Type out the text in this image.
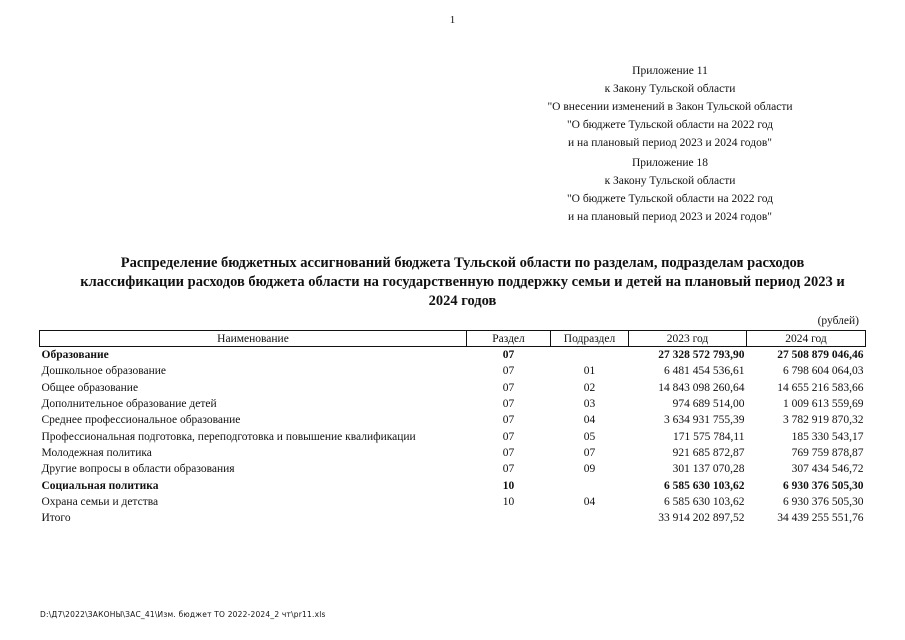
1
Приложение 11
к Закону Тульской области
"О внесении изменений в Закон Тульской области
"О бюджете Тульской области на 2022 год
и на плановый период 2023 и 2024 годов"
Приложение 18
к Закону Тульской области
"О бюджете Тульской области на 2022 год
и на плановый период 2023 и 2024 годов"
Распределение бюджетных ассигнований бюджета Тульской области по разделам, подразделам расходов
классификации расходов бюджета области на государственную поддержку семьи и детей на плановый период 2023 и
2024 годов
(рублей)
Наименование	Раздел	Подраздел	2023 год	2024 год
Образование	07		27 328 572 793,90	27 508 879 046,46
Дошкольное образование	07	01	6 481 454 536,61	6 798 604 064,03
Общее образование	07	02	14 843 098 260,64	14 655 216 583,66
Дополнительное образование детей	07	03	974 689 514,00	1 009 613 559,69
Среднее профессиональное образование	07	04	3 634 931 755,39	3 782 919 870,32
Профессиональная подготовка, переподготовка и повышение квалификации	07	05	171 575 784,11	185 330 543,17
Молодежная политика	07	07	921 685 872,87	769 759 878,87
Другие вопросы в области образования	07	09	301 137 070,28	307 434 546,72
Социальная политика	10		6 585 630 103,62	6 930 376 505,30
Охрана семьи и детства	10	04	6 585 630 103,62	6 930 376 505,30
Итого			33 914 202 897,52	34 439 255 551,76
D:\Д7\2022\ЗАКОНЫ\ЗАС_41\Изм. бюджет ТО 2022-2024_2 чт\pr11.xls
